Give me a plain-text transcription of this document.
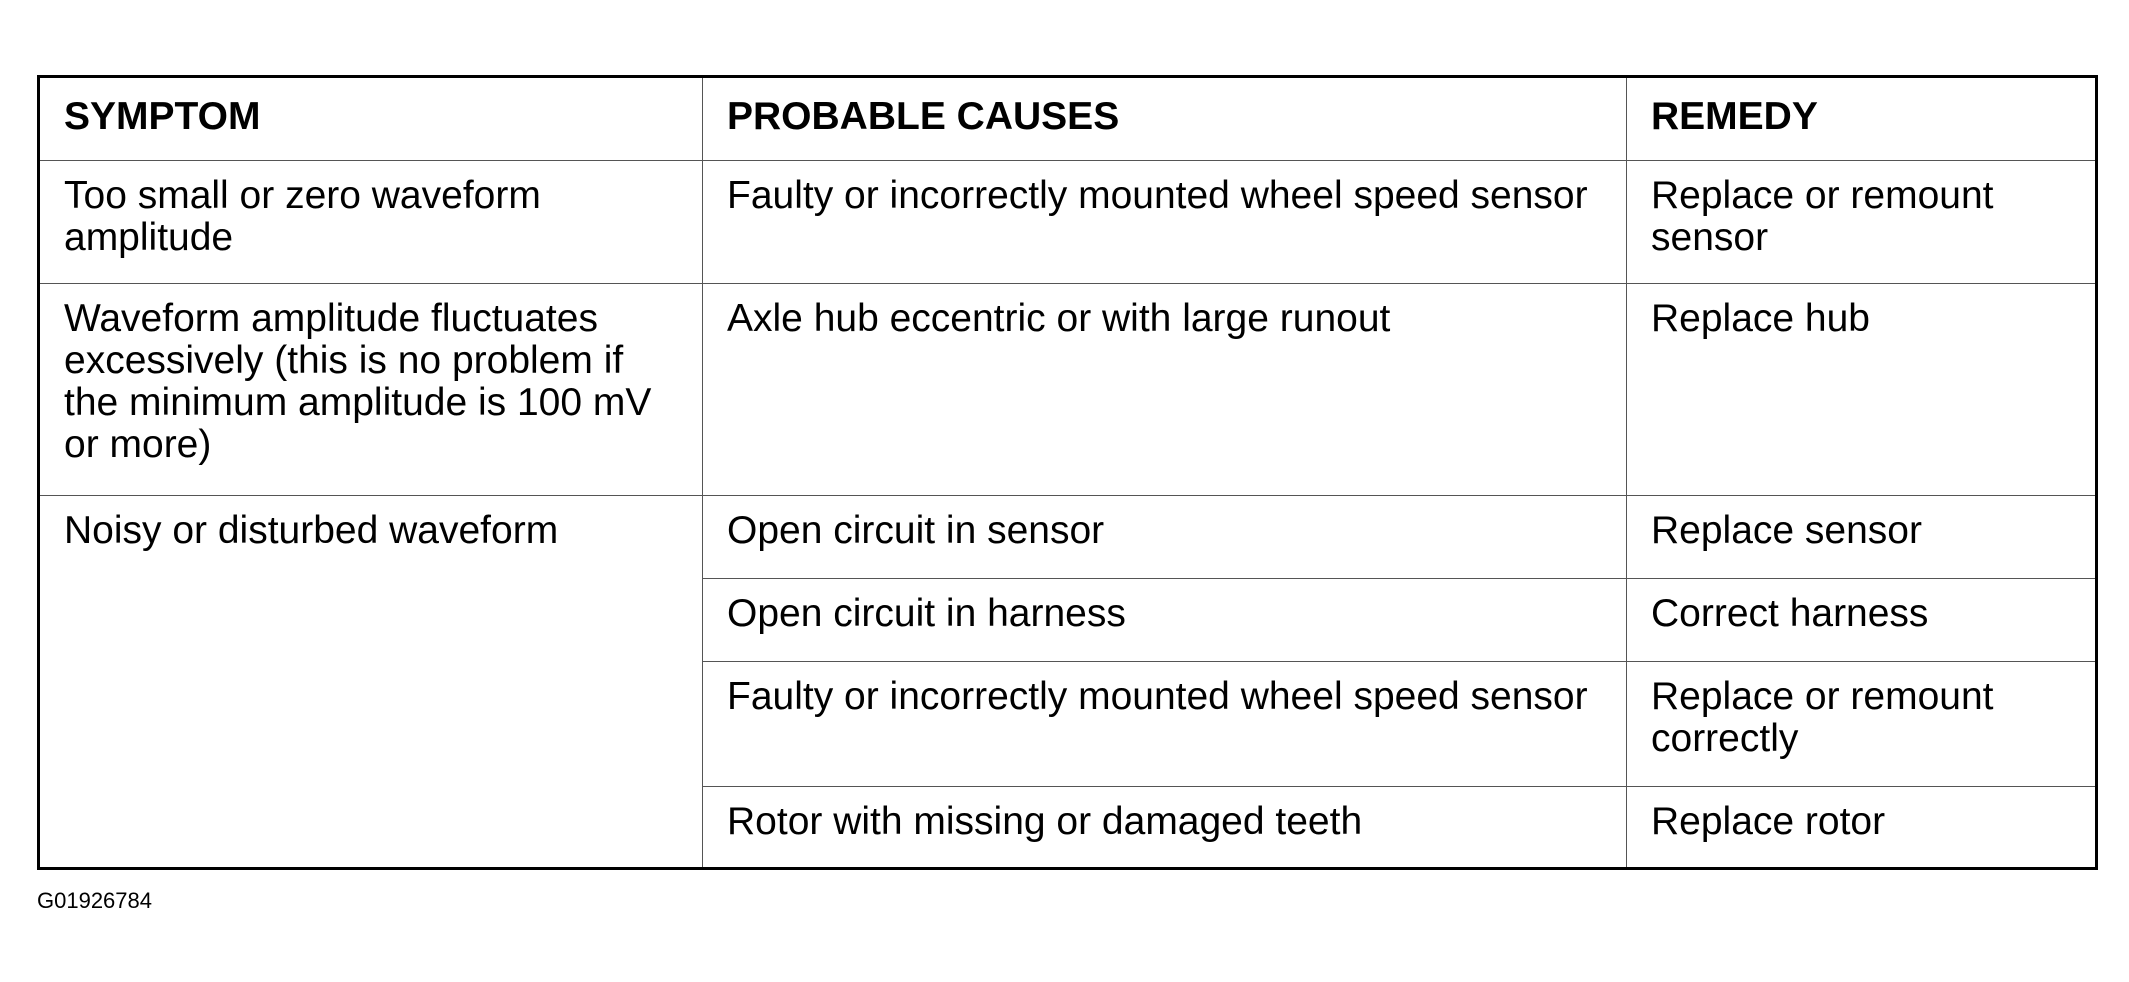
SYMPTOM	PROBABLE CAUSES	REMEDY
Too small or zero waveform amplitude	Faulty or incorrectly mounted wheel speed sensor	Replace or remount sensor
Waveform amplitude fluctuates excessively (this is no problem if the minimum amplitude is 100 mV or more)	Axle hub eccentric or with large runout	Replace hub
Noisy or disturbed waveform	Open circuit in sensor	Replace sensor
	Open circuit in harness	Correct harness
	Faulty or incorrectly mounted wheel speed sensor	Replace or remount correctly
	Rotor with missing or damaged teeth	Replace rotor
G01926784
